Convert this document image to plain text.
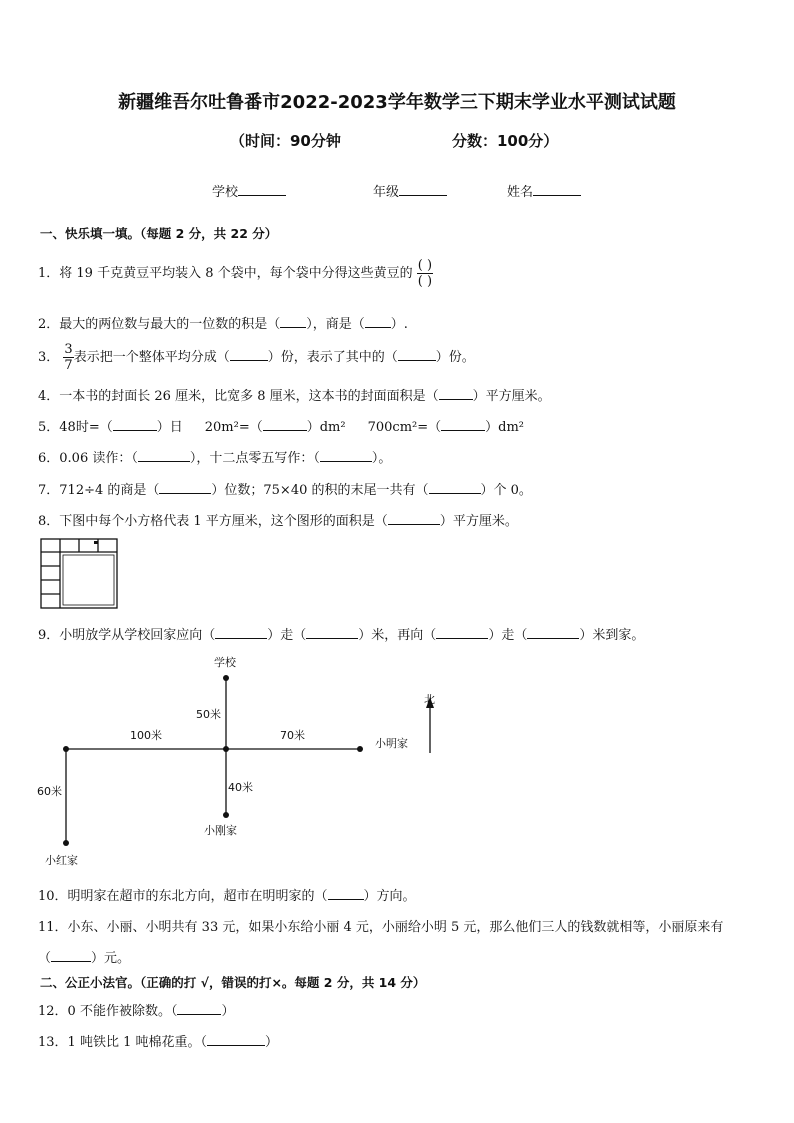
新疆维吾尔吐鲁番市2022-2023学年数学三下期末学业水平测试试题
（时间：90分钟	分数：100分）
学校	年级	姓名
一、快乐填一填。（每题 2 分，共 22 分）
1．将 19 千克黄豆平均装入 8 个袋中，每个袋中分得这些黄豆的 $\frac{( )}{( )}$
2．最大的两位数与最大的一位数的积是（ ），商是（ ）.
3． $\frac{3}{7}$ 表示把一个整体平均分成（	）份，表示了其中的（	）份。
4．一本书的封面长 26 厘米，比宽多 8 厘米，这本书的封面面积是（	）平方厘米。
5．48时=（	）日 20m²=（	）dm² 700cm²=（	）dm²
6．0.06 读作：（	），十二点零五写作：（	）。
7．712÷4 的商是（	）位数；75×40 的积的末尾一共有（	）个 0。
8．下图中每个小方格代表 1 平方厘米，这个图形的面积是（	）平方厘米。
9．小明放学从学校回家应向（	）走（	）米，再向（	）走（	）米到家。
学校
小明家
小刚家
小红家
北
50米
100米	70米
40米
60米
10．明明家在超市的东北方向，超市在明明家的（	）方向。
11．小东、小丽、小明共有 33 元，如果小东给小丽 4 元，小丽给小明 5 元，那么他们三人的钱数就相等，小丽原来有
（	）元。
二、公正小法官。（正确的打 √，错误的打×。每题 2 分，共 14 分）
12．0 不能作被除数。（	）
13．1 吨铁比 1 吨棉花重。（	）
